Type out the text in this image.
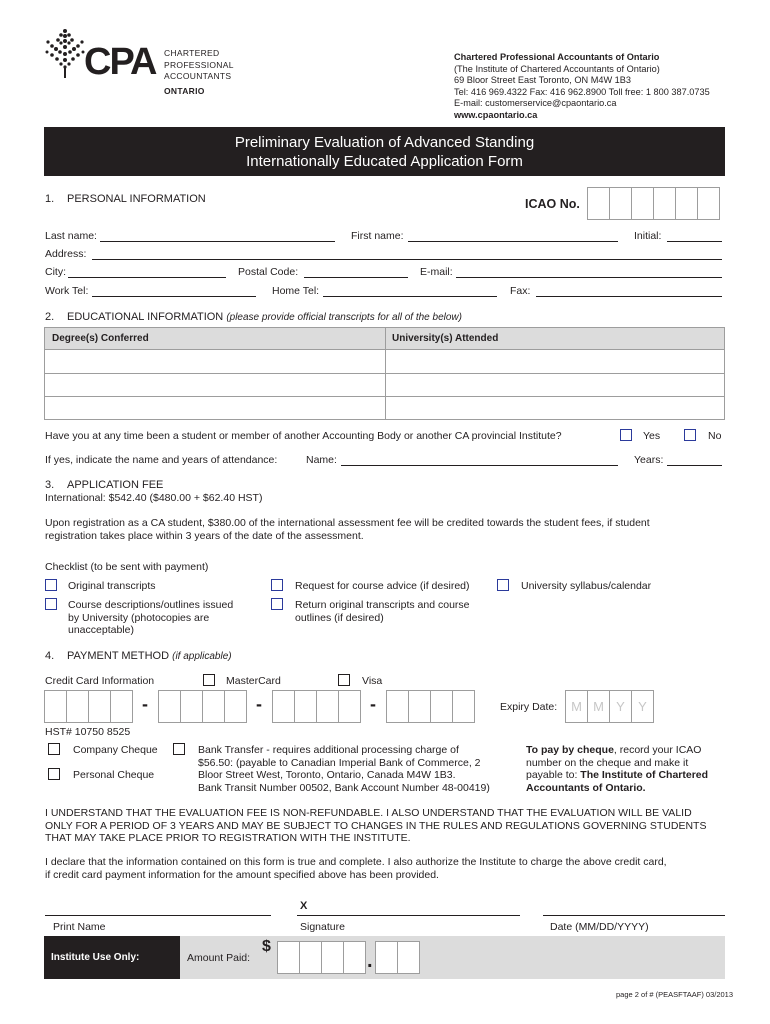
CPA CHARTERED
PROFESSIONAL
ACCOUNTANTS
ONTARIO
Chartered Professional Accountants of Ontario
(The Institute of Chartered Accountants of Ontario)
69 Bloor Street East Toronto, ON M4W 1B3
Tel: 416 969.4322 Fax: 416 962.8900 Toll free: 1 800 387.0735
E-mail: customerservice@cpaontario.ca
www.cpaontario.ca
Preliminary Evaluation of Advanced Standing
Internationally Educated Application Form
1. PERSONAL INFORMATION	ICAO No.
Last name:	First name:	Initial:
Address:
City:	Postal Code:	E-mail:
Work Tel:	Home Tel:	Fax:
2. EDUCATIONAL INFORMATION (please provide official transcripts for all of the below)
Degree(s) Conferred	University(s) Attended
Have you at any time been a student or member of another Accounting Body or another CA provincial Institute?	Yes	No
If yes, indicate the name and years of attendance:	Name:	Years:
3. APPLICATION FEE
International: $542.40 ($480.00 + $62.40 HST)
Upon registration as a CA student, $380.00 of the international assessment fee will be credited towards the student fees, if student
registration takes place within 3 years of the date of the assessment.
Checklist (to be sent with payment)
Original transcripts	Request for course advice (if desired)	University syllabus/calendar
Course descriptions/outlines issued
by University (photocopies are
unacceptable)
Return original transcripts and course
outlines (if desired)
4. PAYMENT METHOD (if applicable)
Credit Card Information	MasterCard	Visa
-	-	-	Expiry Date:	M M Y	Y
HST# 10750 8525
Company Cheque	Bank Transfer - requires additional processing charge of
$56.50: (payable to Canadian Imperial Bank of Commerce, 2
Bloor Street West, Toronto, Ontario, Canada M4W 1B3.
Bank Transit Number 00502, Bank Account Number 48-00419)
Personal Cheque
To pay by cheque, record your ICAO
number on the cheque and make it
payable to: The Institute of Chartered
Accountants of Ontario.
I UNDERSTAND THAT THE EVALUATION FEE IS NON-REFUNDABLE. I ALSO UNDERSTAND THAT THE EVALUATION WILL BE VALID
ONLY FOR A PERIOD OF 3 YEARS AND MAY BE SUBJECT TO CHANGES IN THE RULES AND REGULATIONS GOVERNING STUDENTS
THAT MAY TAKE PLACE PRIOR TO REGISTRATION WITH THE INSTITUTE.
I declare that the information contained on this form is true and complete. I also authorize the Institute to charge the above credit card,
if credit card payment information for the amount specified above has been provided.
X
Print Name	Signature	Date (MM/DD/YYYY)
Institute Use Only:	Amount Paid:
$
.
page 2 of # (PEASFTAAF) 03/2013
